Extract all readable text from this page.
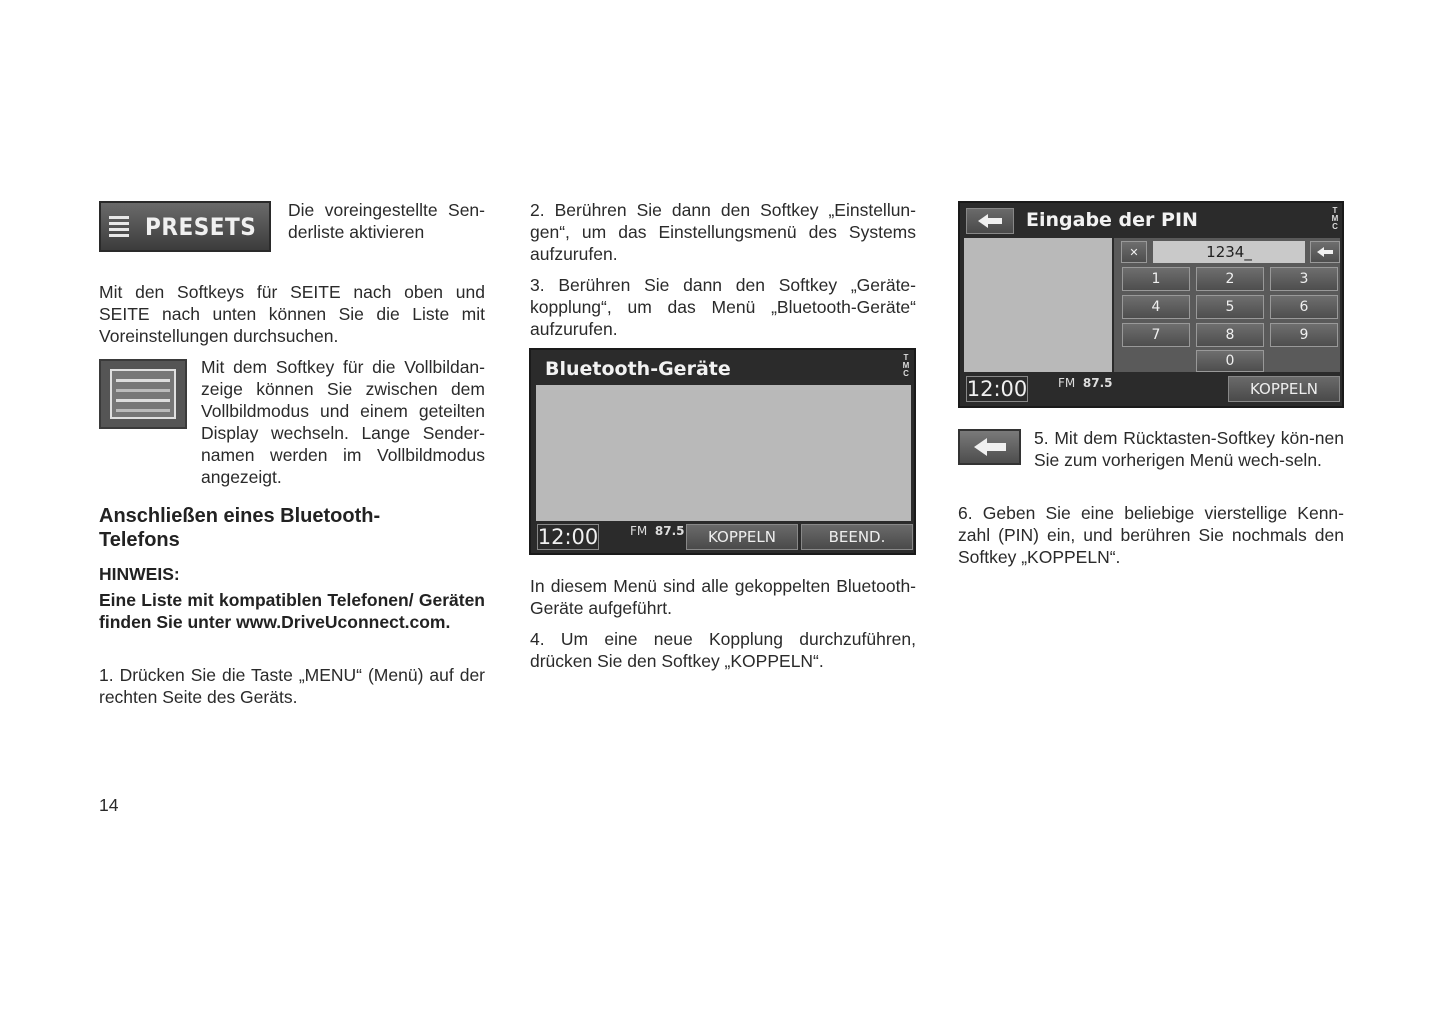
PRESETS

Die voreingestellte Sen-derliste aktivieren

Mit den Softkeys für SEITE nach oben und SEITE nach unten können Sie die Liste mit Voreinstellungen durchsuchen.

Mit dem Softkey für die Vollbildan-zeige können Sie zwischen dem Vollbildmodus und einem geteilten Display wechseln. Lange Sender-namen werden im Vollbildmodus angezeigt.

Anschließen eines Bluetooth-
Telefons

HINWEIS:

Eine Liste mit kompatiblen Telefonen/ Geräten finden Sie unter www.DriveUconnect.com.

1. Drücken Sie die Taste „MENU“ (Menü) auf der rechten Seite des Geräts.

14

2. Berühren Sie dann den Softkey „Einstellun-gen“, um das Einstellungsmenü des Systems aufzurufen.

3. Berühren Sie dann den Softkey „Geräte-kopplung“, um das Menü „Bluetooth-Geräte“ aufzurufen.

Bluetooth-Geräte
T
M
C
12:00	FM 87.5	KOPPELN	BEEND.

In diesem Menü sind alle gekoppelten Bluetooth-Geräte aufgeführt.

4. Um eine neue Kopplung durchzuführen, drücken Sie den Softkey „KOPPELN“.

Eingabe der PIN	T
M
C
✕	1234 _
1	2	3
4	5	6
7	8	9
0
12:00	FM 87.5	KOPPELN

5. Mit dem Rücktasten-Softkey kön-nen Sie zum vorherigen Menü wech-seln.

6. Geben Sie eine beliebige vierstellige Kenn-zahl (PIN) ein, und berühren Sie nochmals den Softkey „KOPPELN“.
